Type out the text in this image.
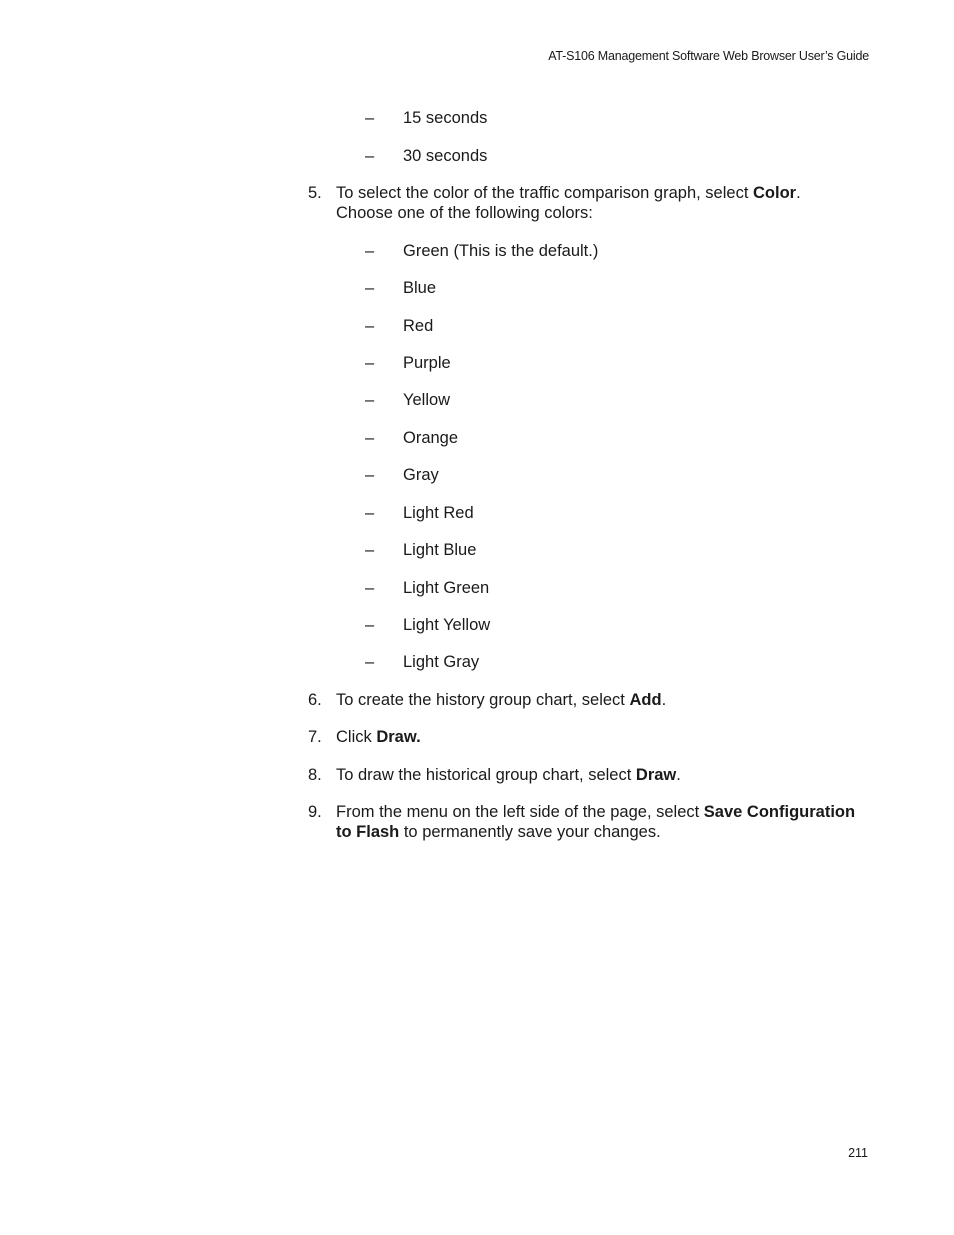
AT-S106 Management Software Web Browser User’s Guide
– 15 seconds
– 30 seconds
5. To select the color of the traffic comparison graph, select Color.
Choose one of the following colors:
– Green (This is the default.)
– Blue
– Red
– Purple
– Yellow
– Orange
– Gray
– Light Red
– Light Blue
– Light Green
– Light Yellow
– Light Gray
6. To create the history group chart, select Add.
7. Click Draw.
8. To draw the historical group chart, select Draw.
9. From the menu on the left side of the page, select Save Configuration
to Flash to permanently save your changes.
211
